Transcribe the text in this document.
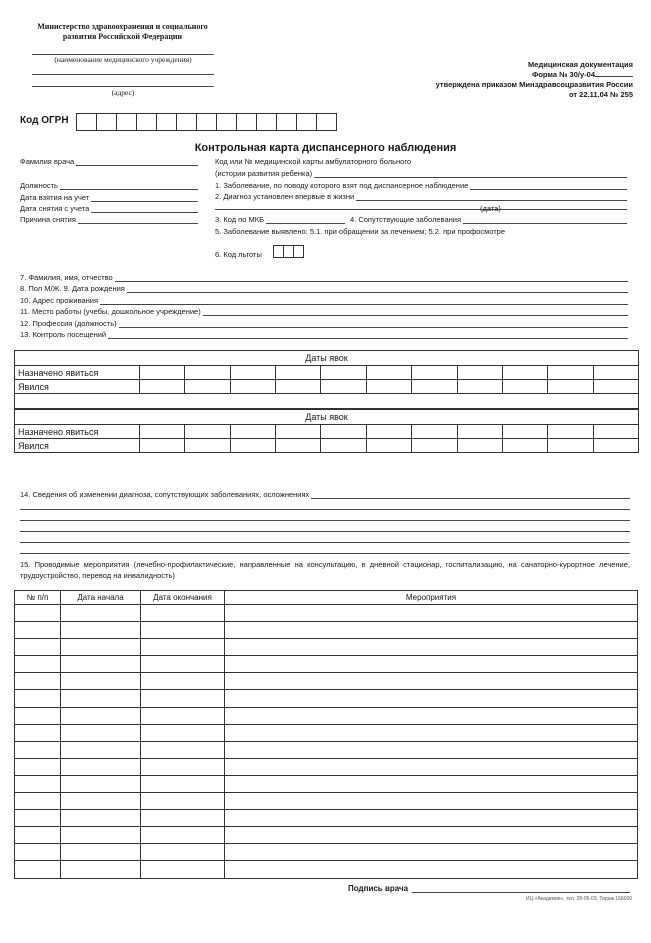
Министерство здравоохранения и социального
развития Российской Федерации
(наименование медицинского учреждения)
(адрес)
Медицинская документация
Форма № 30/у-04
утверждена приказом Минздравсоцразвития России
от 22.11.04 № 255
Код ОГРН
Контрольная карта диспансерного наблюдения
Фамилия врача
Должность
Дата взятия на учет
Дата снятия с учета
Причина снятия
Код или № медицинской карты амбулаторного больного
(истории развития ребенка)
1. Заболевание, по поводу которого взят под диспансерное наблюдение
2. Диагноз установлен впервые в жизни
(дата)
3. Код по МКБ	4. Сопутствующие заболевания
5. Заболевание выявлено: 5.1. при обращении за лечением; 5.2. при профосмотре
6. Код льготы
7. Фамилия, имя, отчество
8. Пол М/Ж. 9. Дата рождения
10. Адрес проживания
11. Место работы (учебы, дошкольное учреждение)
12. Профессия (должность)
13. Контроль посещений
Даты явок											
Назначено явиться											
Явился											

Даты явок											
Назначено явиться											
Явился											
14. Сведения об изменении диагноза, сопутствующих заболеваниях, осложнениях
15. Проводимые мероприятия (лечебно-профилактические, направленные на консультацию, в дневной стационар, госпитализацию, на санаторно-курортное лечение, трудоустройство, перевод на инвалидность)
№ п/п	Дата начала	Дата окончания	Мероприятия

Подпись врача
ИЦ «Академия», тел. 28-05-03. Тираж 166000
